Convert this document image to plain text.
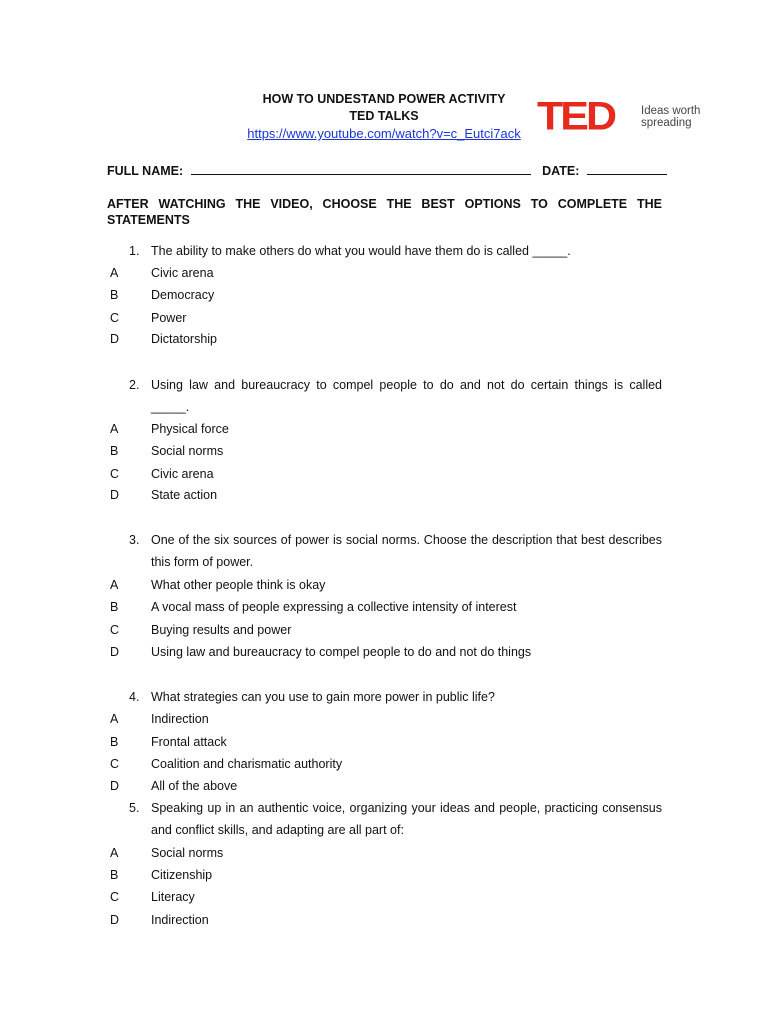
HOW TO UNDESTAND POWER ACTIVITY
TED TALKS
https://www.youtube.com/watch?v=c_Eutci7ack TED Ideas worth
spreading
FULL NAME:	DATE:
AFTER WATCHING THE VIDEO, CHOOSE THE BEST OPTIONS TO COMPLETE THE STATEMENTS
1. The ability to make others do what you would have them do is called _____.
A	Civic arena
B	Democracy
C	Power
D	Dictatorship
2. Using law and bureaucracy to compel people to do and not do certain things is called _____.
A	Physical force
B	Social norms
C	Civic arena
D	State action
3. One of the six sources of power is social norms. Choose the description that best describes this form of power.
A	What other people think is okay
B	A vocal mass of people expressing a collective intensity of interest
C	Buying results and power
D	Using law and bureaucracy to compel people to do and not do things
4. What strategies can you use to gain more power in public life?
A	Indirection
B	Frontal attack
C	Coalition and charismatic authority
D	All of the above
5. Speaking up in an authentic voice, organizing your ideas and people, practicing consensus and conflict skills, and adapting are all part of:
A	Social norms
B	Citizenship
C	Literacy
D	Indirection
